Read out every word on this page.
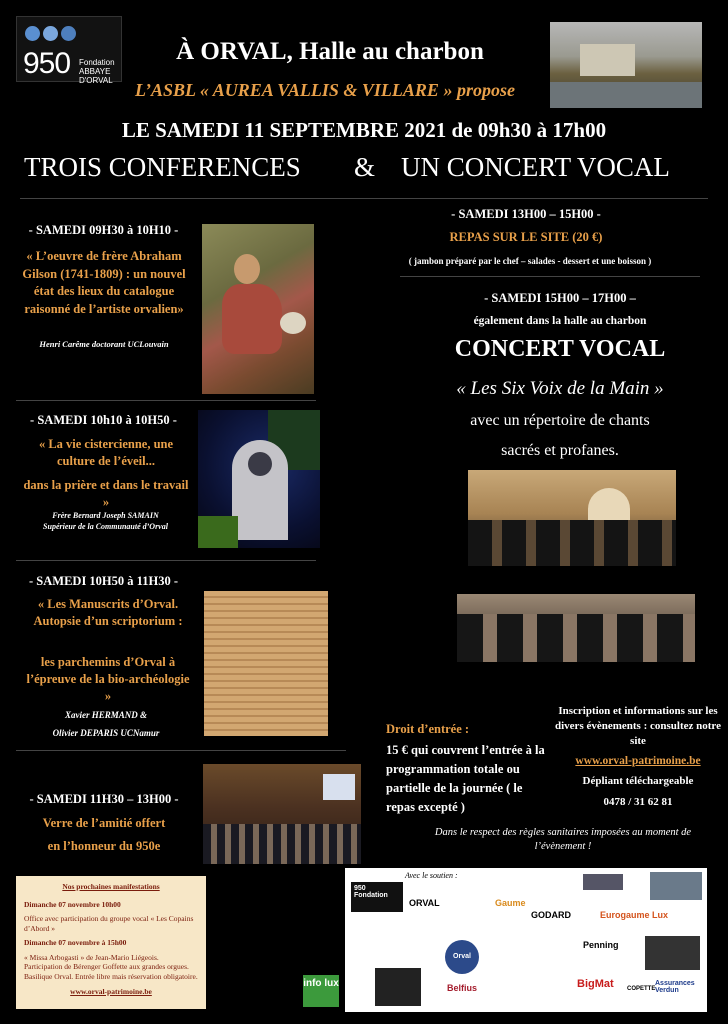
950 Fondation
ABBAYE D'ORVAL
À ORVAL, Halle au charbon
L’ASBL « AUREA VALLIS & VILLARE » propose
LE SAMEDI 11 SEPTEMBRE 2021 de 09h30 à 17h00
TROIS CONFERENCES & UN CONCERT VOCAL
- SAMEDI 09H30 à 10H10 -
« L’oeuvre de frère Abraham Gilson (1741-1809) : un nouvel état des lieux du catalogue raisonné de l’artiste orvalien»
Henri Carême doctorant UCLouvain
- SAMEDI 10h10 à 10H50 -
« La vie cistercienne, une culture de l’éveil...
dans la prière et dans le travail »
Frère Bernard Joseph SAMAIN
Supérieur de la Communauté d’Orval
- SAMEDI 10H50 à 11H30 -
« Les Manuscrits d’Orval. Autopsie d’un scriptorium :
les parchemins d’Orval à l’épreuve de la bio-archéologie »
Xavier HERMAND &
Olivier DEPARIS UCNamur
- SAMEDI 11H30 – 13H00 -
Verre de l’amitié offert
en l’honneur du 950e
- SAMEDI 13H00 – 15H00 -
REPAS SUR LE SITE (20 €)
( jambon préparé par le chef – salades - dessert et une boisson )
- SAMEDI 15H00 – 17H00 –
également dans la halle au charbon
CONCERT VOCAL
« Les Six Voix de la Main »
avec un répertoire de chants
sacrés et profanes.
Droit d’entrée :
15 € qui couvrent l’entrée à la programmation totale ou partielle de la journée ( le repas excepté )
Inscription et informations sur les divers évènements : consultez notre site
www.orval-patrimoine.be
Dépliant téléchargeable
0478 / 31 62 81
Dans le respect des règles sanitaires imposées au moment de l’évènement !
Nos prochaines manifestations
Dimanche 07 novembre 10h00
Office avec participation du groupe vocal « Les Copains d’Abord »
Dimanche 07 novembre à 15h00
« Missa Arbogasti » de Jean-Mario Liégeois. Participation de Bérenger Goffette aux grandes orgues. Basilique Orval. Entrée libre mais réservation obligatoire.
www.orval-patrimoine.be
info lux
Avec le soutien :
950 Fondation
ORVAL	Gaume
Eurogaume Lux
GODARD
Penning
Belfius	BigMat	Assurances Verdun
Orval
COPETTE
